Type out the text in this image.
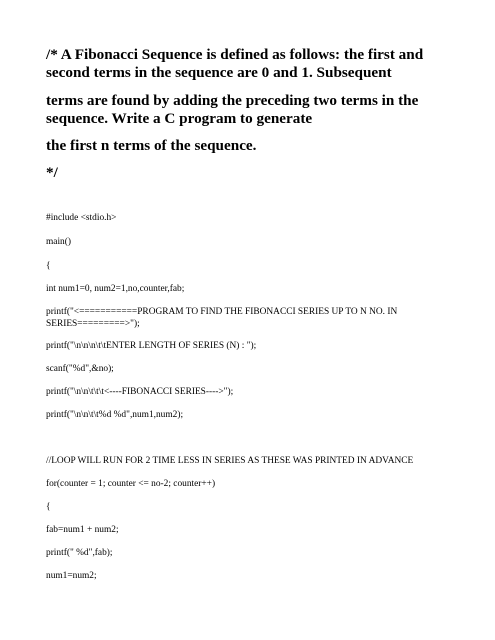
/* A Fibonacci Sequence is defined as follows: the first and

second terms in the sequence are 0 and 1. Subsequent

terms are found by adding the preceding two terms in the

sequence. Write a C program to generate

the first n terms of the sequence.

*/

#include <stdio.h>

main()

{

int num1=0, num2=1,no,counter,fab;

printf("<===========PROGRAM TO FIND THE FIBONACCI SERIES UP TO N NO. IN

SERIES=========>");

printf("\n\n\n\t\tENTER LENGTH OF SERIES (N) : ");

scanf("%d",&no);

printf("\n\n\t\t\t<----FIBONACCI SERIES---->");

printf("\n\n\t\t%d %d",num1,num2);

//LOOP WILL RUN FOR 2 TIME LESS IN SERIES AS THESE WAS PRINTED IN ADVANCE

for(counter = 1; counter <= no-2; counter++)

{

fab=num1 + num2;

printf(" %d",fab);

num1=num2;
